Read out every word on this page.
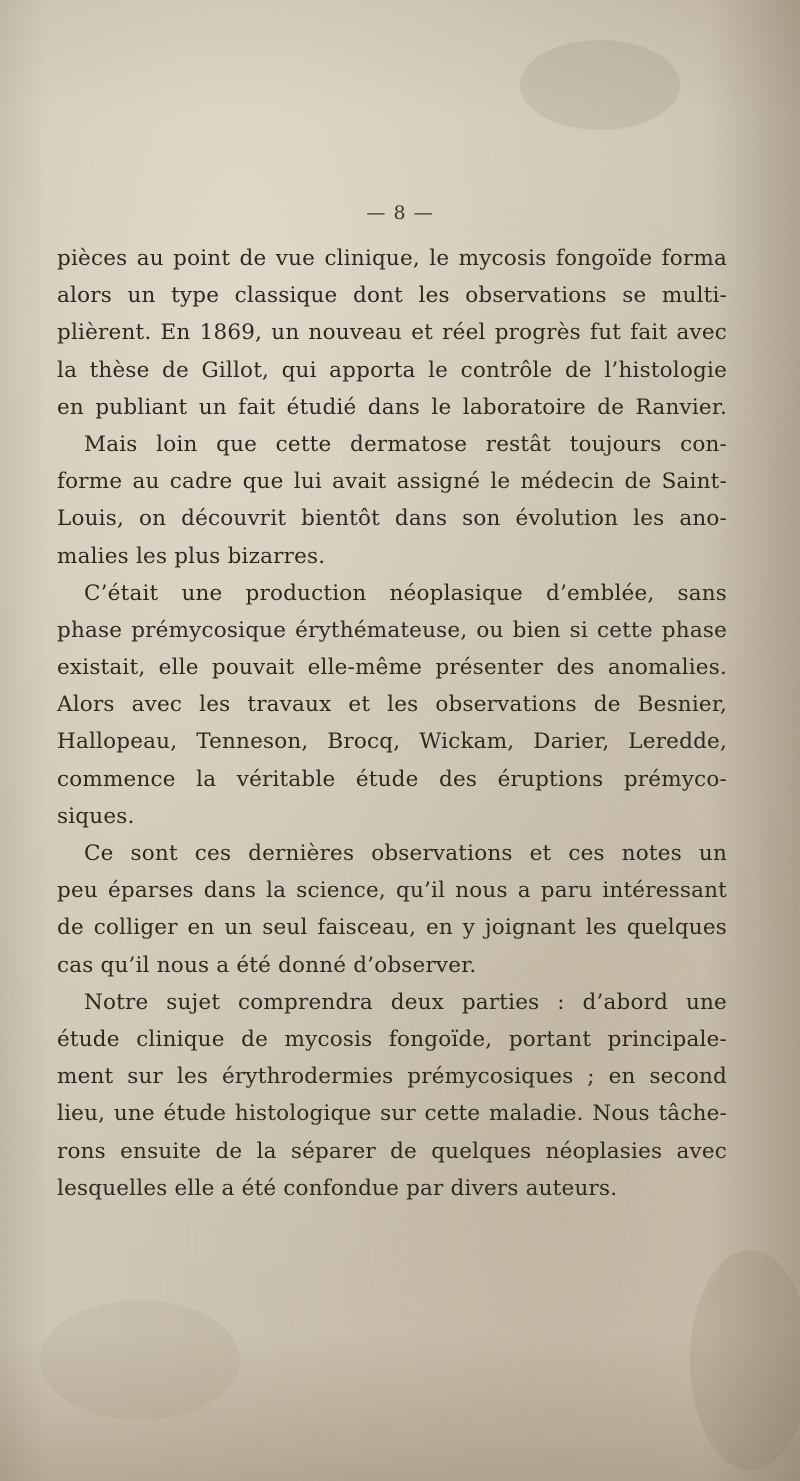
— 8 —
pièces au point de vue clinique, le mycosis fongoïde forma
alors un type classique dont les observations se multi-
plièrent. En 1869, un nouveau et réel progrès fut fait avec
la thèse de Gillot, qui apporta le contrôle de l’histologie
en publiant un fait étudié dans le laboratoire de Ranvier.
Mais loin que cette dermatose restât toujours con-
forme au cadre que lui avait assigné le médecin de Saint-
Louis, on découvrit bientôt dans son évolution les ano-
malies les plus bizarres.
C’était une production néoplasique d’emblée, sans
phase prémycosique érythémateuse, ou bien si cette phase
existait, elle pouvait elle-même présenter des anomalies.
Alors avec les travaux et les observations de Besnier,
Hallopeau, Tenneson, Brocq, Wickam, Darier, Leredde,
commence la véritable étude des éruptions prémyco-
siques.
Ce sont ces dernières observations et ces notes un
peu éparses dans la science, qu’il nous a paru intéressant
de colliger en un seul faisceau, en y joignant les quelques
cas qu’il nous a été donné d’observer.
Notre sujet comprendra deux parties : d’abord une
étude clinique de mycosis fongoïde, portant principale-
ment sur les érythrodermies prémycosiques ; en second
lieu, une étude histologique sur cette maladie. Nous tâche-
rons ensuite de la séparer de quelques néoplasies avec
lesquelles elle a été confondue par divers auteurs.
